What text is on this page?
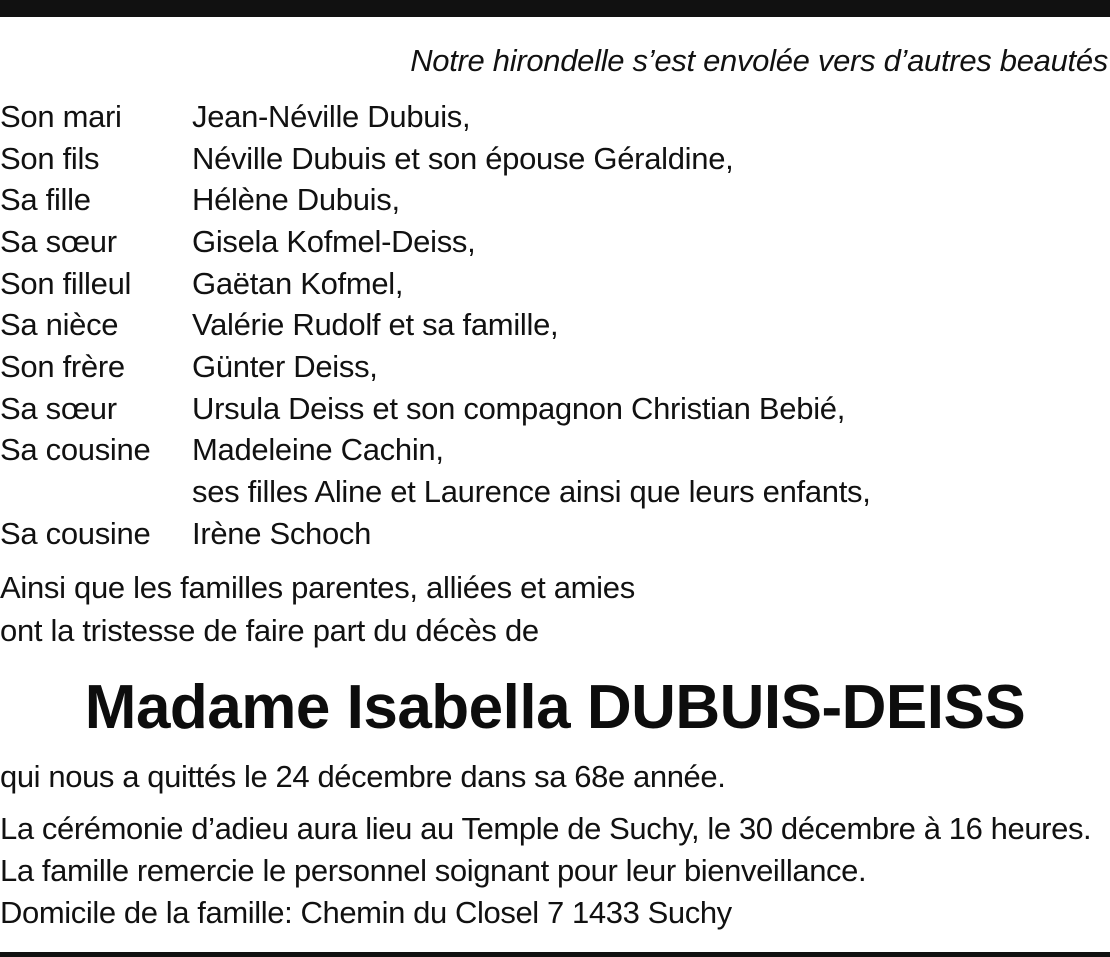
Notre hirondelle s’est envolée vers d’autres beautés
Son mari	Jean-Néville Dubuis,
Son fils	Néville Dubuis et son épouse Géraldine,
Sa fille	Hélène Dubuis,
Sa sœur	Gisela Kofmel-Deiss,
Son filleul	Gaëtan Kofmel,
Sa nièce	Valérie Rudolf et sa famille,
Son frère	Günter Deiss,
Sa sœur	Ursula Deiss et son compagnon Christian Bebié,
Sa cousine	Madeleine Cachin,
ses filles Aline et Laurence ainsi que leurs enfants,
Sa cousine	Irène Schoch
Ainsi que les familles parentes, alliées et amies
ont la tristesse de faire part du décès de
Madame Isabella DUBUIS-DEISS
qui nous a quittés le 24 décembre dans sa 68e année.
La cérémonie d’adieu aura lieu au Temple de Suchy, le 30 décembre à 16 heures.
La famille remercie le personnel soignant pour leur bienveillance.
Domicile de la famille: Chemin du Closel 7 1433 Suchy
